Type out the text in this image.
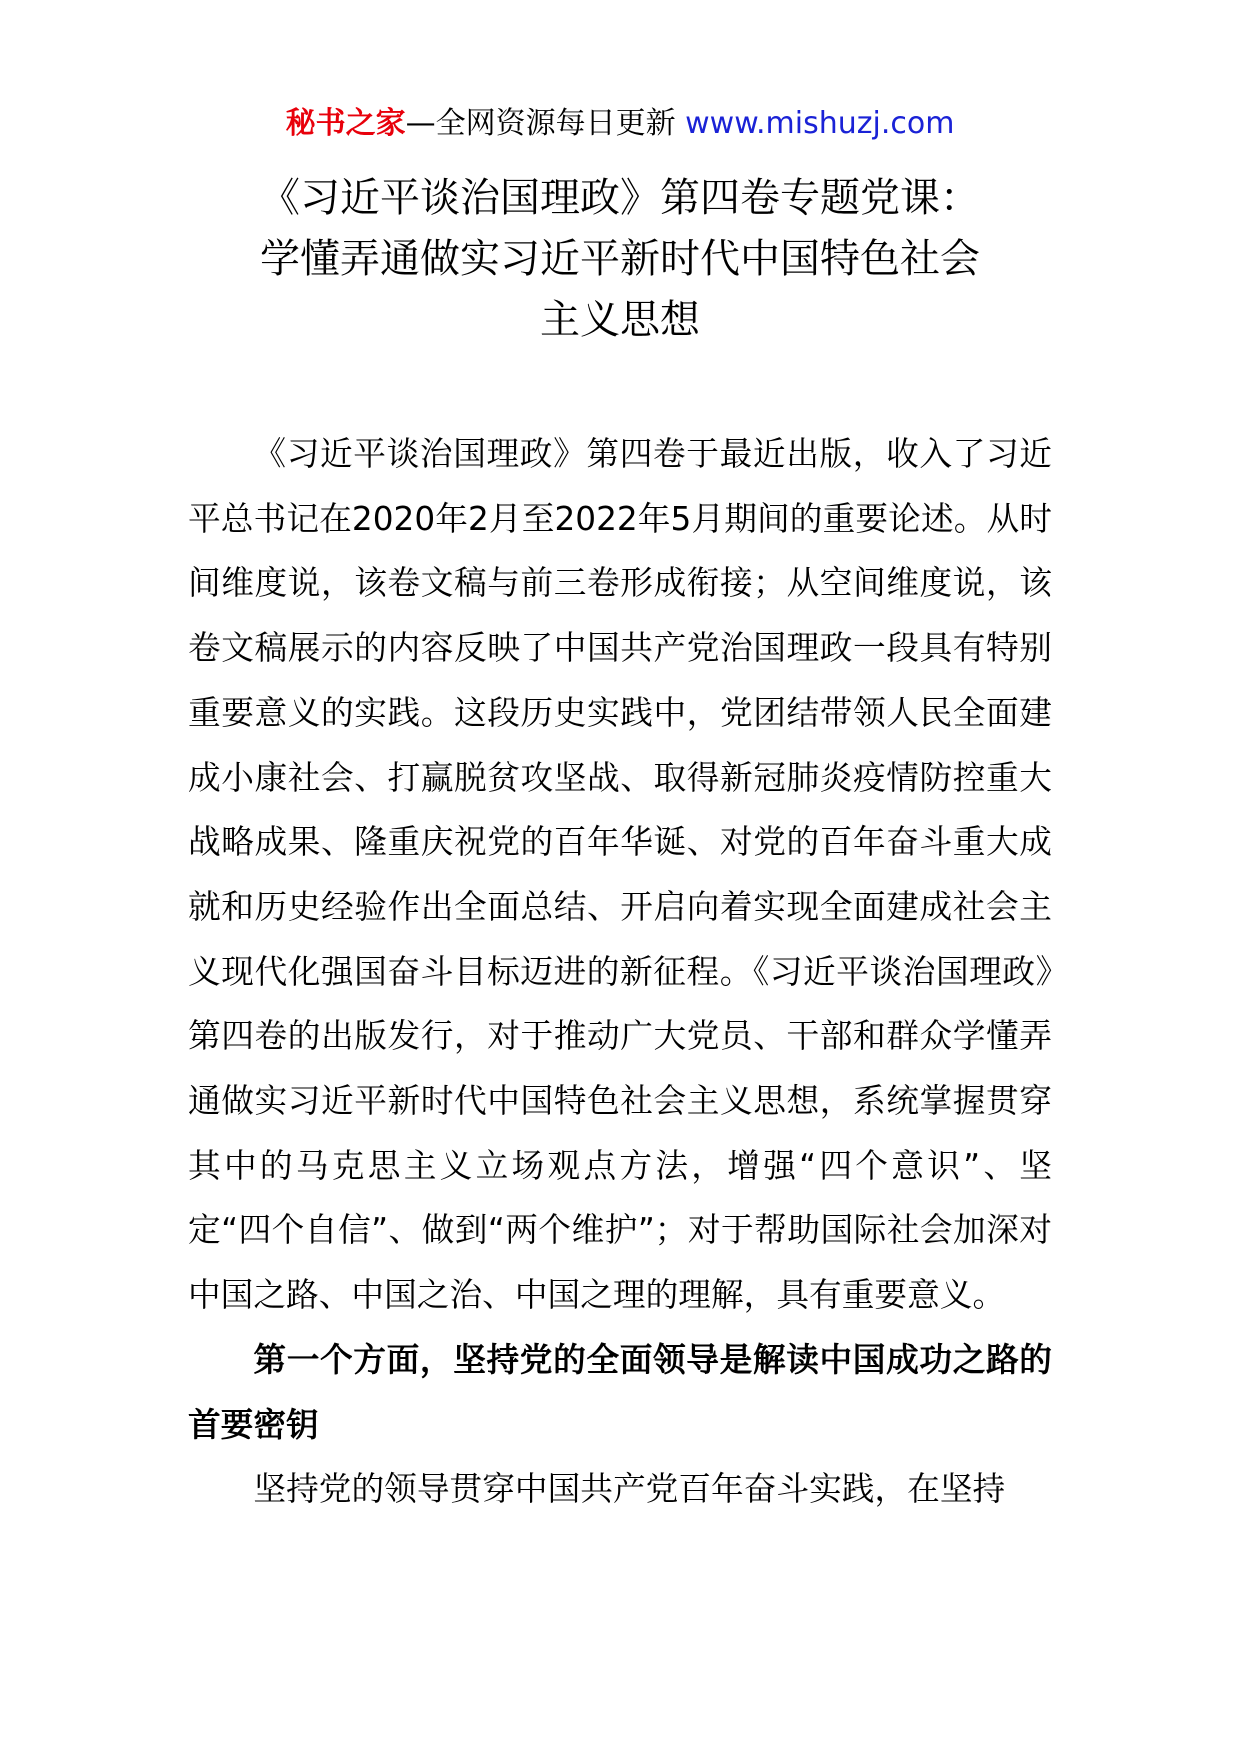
秘书之家—全网资源每日更新 www.mishuzj.com
《习近平谈治国理政》第四卷专题党课：
学懂弄通做实习近平新时代中国特色社会
主义思想

《习近平谈治国理政》第四卷于最近出版，收入了习近平总书记在2020年2月至2022年5月期间的重要论述。从时间维度说，该卷文稿与前三卷形成衔接；从空间维度说，该卷文稿展示的内容反映了中国共产党治国理政一段具有特别重要意义的实践。这段历史实践中，党团结带领人民全面建成小康社会、打赢脱贫攻坚战、取得新冠肺炎疫情防控重大战略成果、隆重庆祝党的百年华诞、对党的百年奋斗重大成就和历史经验作出全面总结、开启向着实现全面建成社会主义现代化强国奋斗目标迈进的新征程。《习近平谈治国理政》第四卷的出版发行，对于推动广大党员、干部和群众学懂弄通做实习近平新时代中国特色社会主义思想，系统掌握贯穿其中的马克思主义立场观点方法，增强“四个意识”、坚定“四个自信”、做到“两个维护”；对于帮助国际社会加深对中国之路、中国之治、中国之理的理解，具有重要意义。

第一个方面，坚持党的全面领导是解读中国成功之路的首要密钥

坚持党的领导贯穿中国共产党百年奋斗实践，在坚持
